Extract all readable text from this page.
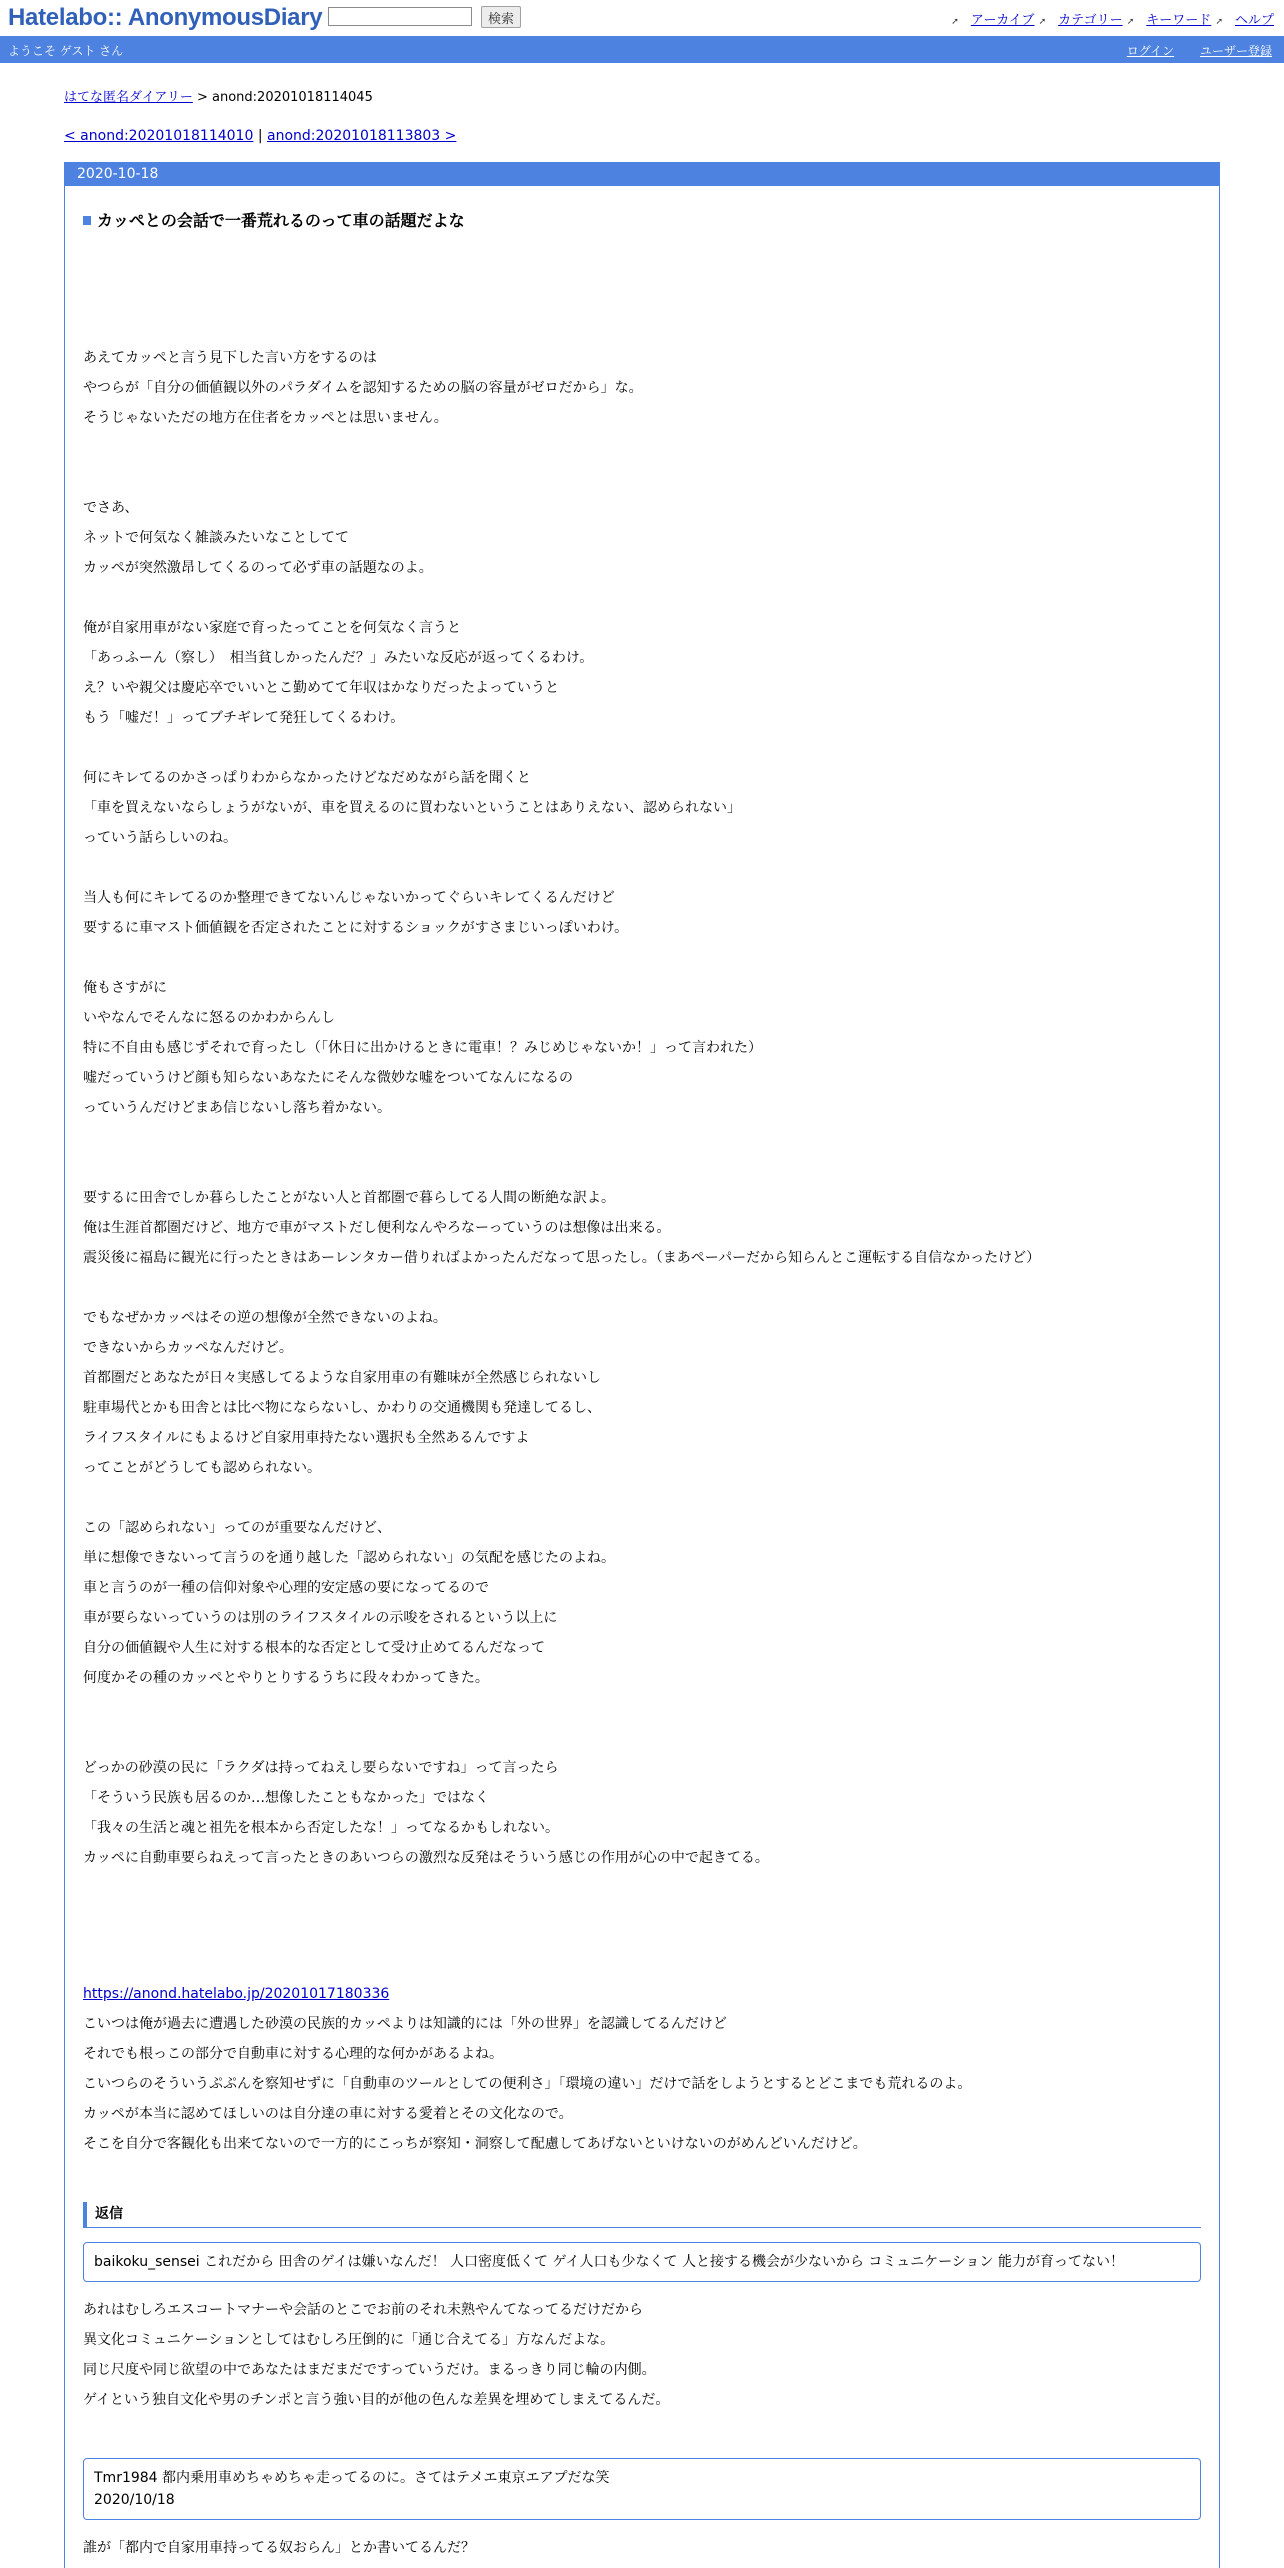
Hatelabo:: AnonymousDiary	検索	➚ アーカイブ ➚ カテゴリー ➚ キーワード ➚ ヘルプ
ようこそ ゲスト さん	ログイン ユーザー登録
はてな匿名ダイアリー > anond:20201018114045
< anond:20201018114010 | anond:20201018113803 >
2020-10-18
カッペとの会話で一番荒れるのって車の話題だよな
あえてカッペと言う見下した言い方をするのは
やつらが「自分の価値観以外のパラダイムを認知するための脳の容量がゼロだから」な。
そうじゃないただの地方在住者をカッペとは思いません。
でさあ、
ネットで何気なく雑談みたいなことしてて
カッペが突然激昂してくるのって必ず車の話題なのよ。
俺が自家用車がない家庭で育ったってことを何気なく言うと
「あっふーん（察し）　相当貧しかったんだ？」みたいな反応が返ってくるわけ。
え？いや親父は慶応卒でいいとこ勤めてて年収はかなりだったよっていうと
もう「嘘だ！」ってブチギレて発狂してくるわけ。
何にキレてるのかさっぱりわからなかったけどなだめながら話を聞くと
「車を買えないならしょうがないが、車を買えるのに買わないということはありえない、認められない」
っていう話らしいのね。
当人も何にキレてるのか整理できてないんじゃないかってぐらいキレてくるんだけど
要するに車マスト価値観を否定されたことに対するショックがすさまじいっぽいわけ。
俺もさすがに
いやなんでそんなに怒るのかわからんし
特に不自由も感じずそれで育ったし（「休日に出かけるときに電車！？みじめじゃないか！」って言われた）
嘘だっていうけど顔も知らないあなたにそんな微妙な嘘をついてなんになるの
っていうんだけどまあ信じないし落ち着かない。
要するに田舎でしか暮らしたことがない人と首都圏で暮らしてる人間の断絶な訳よ。
俺は生涯首都圏だけど、地方で車がマストだし便利なんやろなーっていうのは想像は出来る。
震災後に福島に観光に行ったときはあーレンタカー借りればよかったんだなって思ったし。（まあペーパーだから知らんとこ運転する自信なかったけど）
でもなぜかカッペはその逆の想像が全然できないのよね。
できないからカッペなんだけど。
首都圏だとあなたが日々実感してるような自家用車の有難味が全然感じられないし
駐車場代とかも田舎とは比べ物にならないし、かわりの交通機関も発達してるし、
ライフスタイルにもよるけど自家用車持たない選択も全然あるんですよ
ってことがどうしても認められない。
この「認められない」ってのが重要なんだけど、
単に想像できないって言うのを通り越した「認められない」の気配を感じたのよね。
車と言うのが一種の信仰対象や心理的安定感の要になってるので
車が要らないっていうのは別のライフスタイルの示唆をされるという以上に
自分の価値観や人生に対する根本的な否定として受け止めてるんだなって
何度かその種のカッペとやりとりするうちに段々わかってきた。
どっかの砂漠の民に「ラクダは持ってねえし要らないですね」って言ったら
「そういう民族も居るのか…想像したこともなかった」ではなく
「我々の生活と魂と祖先を根本から否定したな！」ってなるかもしれない。
カッペに自動車要らねえって言ったときのあいつらの激烈な反発はそういう感じの作用が心の中で起きてる。
https://anond.hatelabo.jp/20201017180336
こいつは俺が過去に遭遇した砂漠の民族的カッペよりは知識的には「外の世界」を認識してるんだけど
それでも根っこの部分で自動車に対する心理的な何かがあるよね。
こいつらのそういうぷぷんを察知せずに「自動車のツールとしての便利さ」「環境の違い」だけで話をしようとするとどこまでも荒れるのよ。
カッペが本当に認めてほしいのは自分達の車に対する愛着とその文化なので。
そこを自分で客観化も出来てないので一方的にこっちが察知・洞察して配慮してあげないといけないのがめんどいんだけど。
返信
baikoku_sensei これだから 田舎のゲイは嫌いなんだ！ 人口密度低くて ゲイ人口も少なくて 人と接する機会が少ないから コミュニケーション 能力が育ってない！
あれはむしろエスコートマナーや会話のとこでお前のそれ未熟やんてなってるだけだから
異文化コミュニケーションとしてはむしろ圧倒的に「通じ合えてる」方なんだよな。
同じ尺度や同じ欲望の中であなたはまだまだですっていうだけ。まるっきり同じ輪の内側。
ゲイという独自文化や男のチンポと言う強い目的が他の色んな差異を埋めてしまえてるんだ。
Tmr1984 都内乗用車めちゃめちゃ走ってるのに。さてはテメエ東京エアプだな笑
2020/10/18
誰が「都内で自家用車持ってる奴おらん」とか書いてるんだ？
